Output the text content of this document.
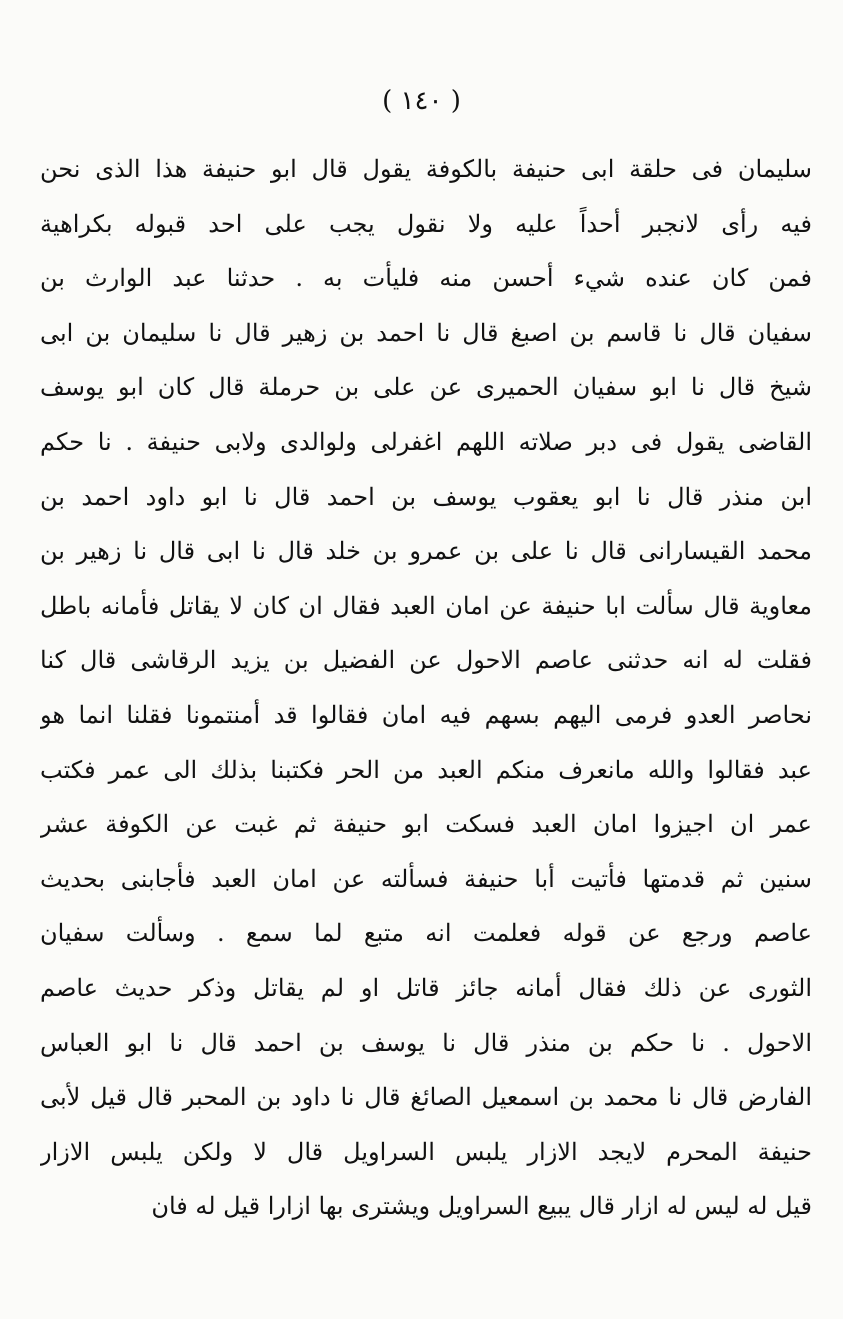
( ١٤٠ )
سليمان فى حلقة ابى حنيفة بالكوفة يقول قال ابو حنيفة هذا الذى نحن
فيه رأى لانجبر أحداً عليه ولا نقول يجب على احد قبوله بكراهية
فمن كان عنده شيء أحسن منه فليأت به . حدثنا عبد الوارث بن
سفيان قال نا قاسم بن اصبغ قال نا احمد بن زهير قال نا سليمان بن ابى
شيخ قال نا ابو سفيان الحميرى عن على بن حرملة قال كان ابو يوسف
القاضى يقول فى دبر صلاته اللهم اغفرلى ولوالدى ولابى حنيفة . نا حكم
ابن منذر قال نا ابو يعقوب يوسف بن احمد قال نا ابو داود احمد بن
محمد القيسارانى قال نا على بن عمرو بن خلد قال نا ابى قال نا زهير بن
معاوية قال سألت ابا حنيفة عن امان العبد فقال ان كان لا يقاتل فأمانه باطل
فقلت له انه حدثنى عاصم الاحول عن الفضيل بن يزيد الرقاشى قال كنا
نحاصر العدو فرمى اليهم بسهم فيه امان فقالوا قد أمنتمونا فقلنا انما هو
عبد فقالوا والله مانعرف منكم العبد من الحر فكتبنا بذلك الى عمر فكتب
عمر ان اجيزوا امان العبد فسكت ابو حنيفة ثم غبت عن الكوفة عشر
سنين ثم قدمتها فأتيت أبا حنيفة فسألته عن امان العبد فأجابنى بحديث
عاصم ورجع عن قوله فعلمت انه متبع لما سمع . وسألت سفيان
الثورى عن ذلك فقال أمانه جائز قاتل او لم يقاتل وذكر حديث عاصم
الاحول . نا حكم بن منذر قال نا يوسف بن احمد قال نا ابو العباس
الفارض قال نا محمد بن اسمعيل الصائغ قال نا داود بن المحبر قال قيل لأبى
حنيفة المحرم لايجد الازار يلبس السراويل قال لا ولكن يلبس الازار
قيل له ليس له ازار قال يبيع السراويل ويشترى بها ازارا قيل له فان
